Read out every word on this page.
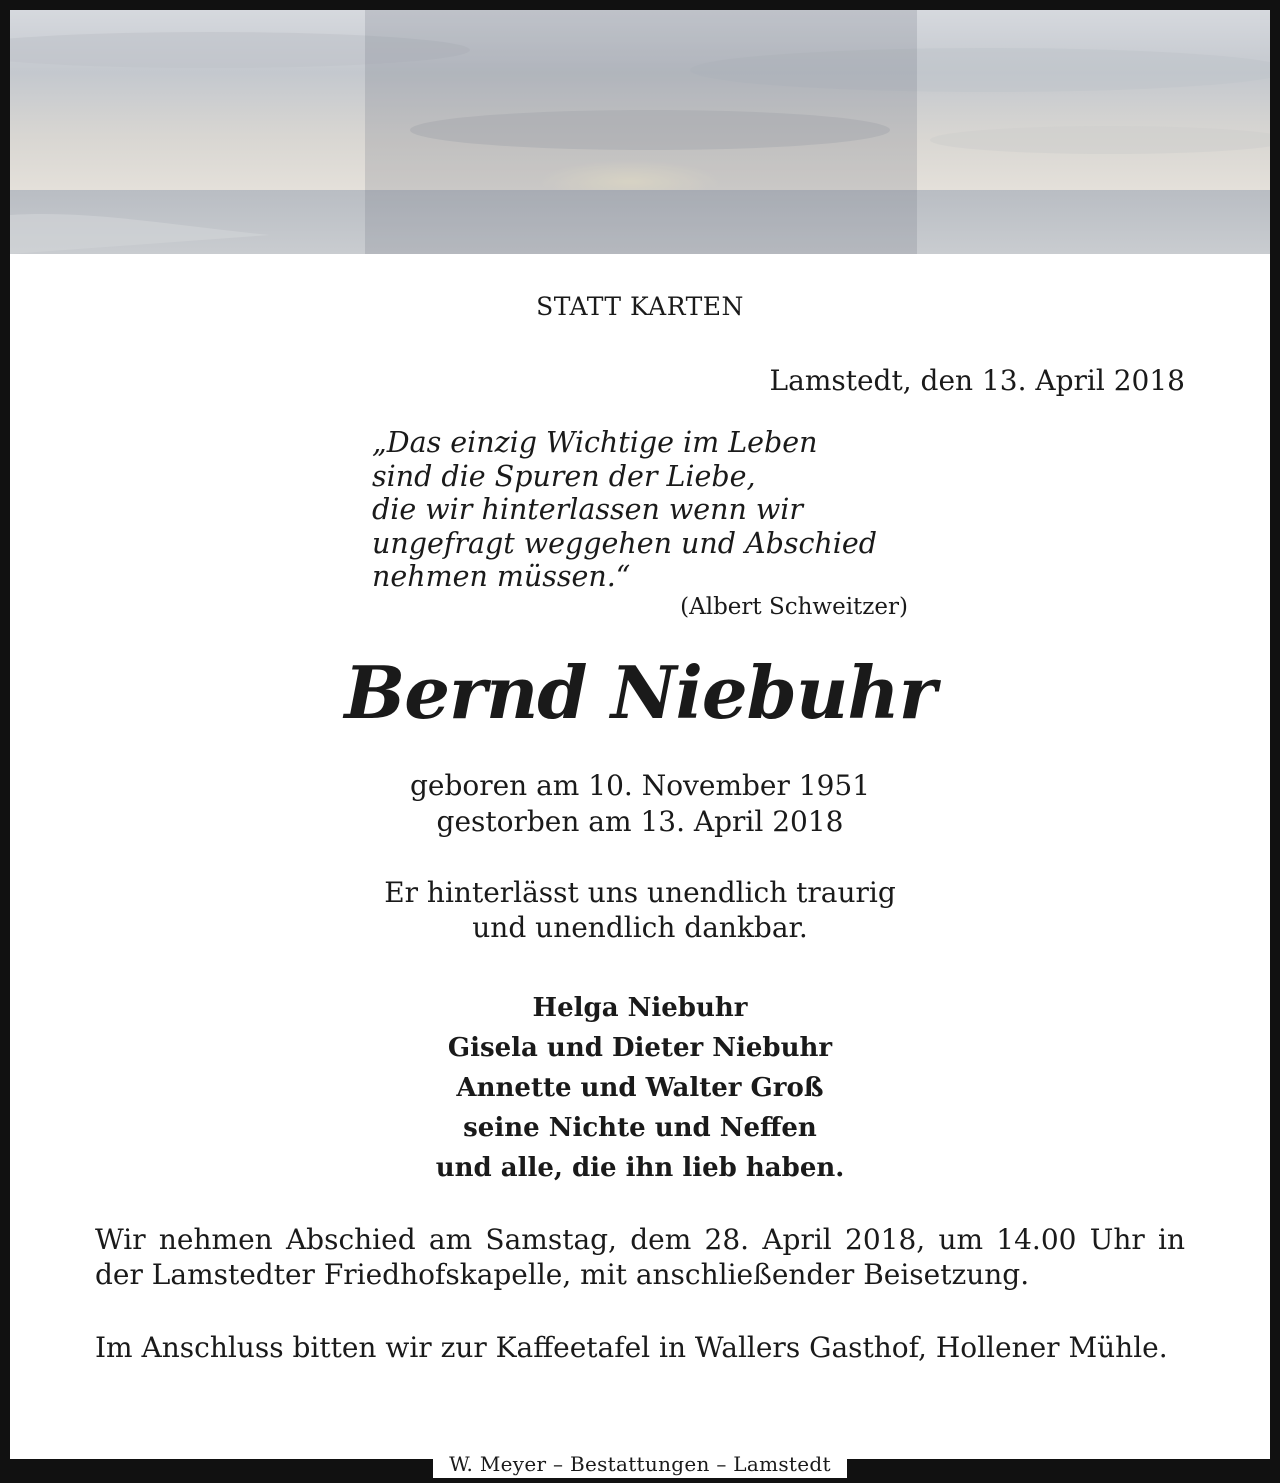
STATT KARTEN
Lamstedt, den 13. April 2018
„Das einzig Wichtige im Leben
sind die Spuren der Liebe,
die wir hinterlassen wenn wir
ungefragt weggehen und Abschied
nehmen müssen.“
(Albert Schweitzer)
Bernd Niebuhr
geboren am 10. November 1951
gestorben am 13. April 2018
Er hinterlässt uns unendlich traurig
und unendlich dankbar.
Helga Niebuhr
Gisela und Dieter Niebuhr
Annette und Walter Groß
seine Nichte und Neffen
und alle, die ihn lieb haben.
Wir nehmen Abschied am Samstag, dem 28. April 2018, um 14.00 Uhr in der Lamstedter Friedhofskapelle, mit anschließender Beisetzung.
Im Anschluss bitten wir zur Kaffeetafel in Wallers Gasthof, Hollener Mühle.
W. Meyer – Bestattungen – Lamstedt
